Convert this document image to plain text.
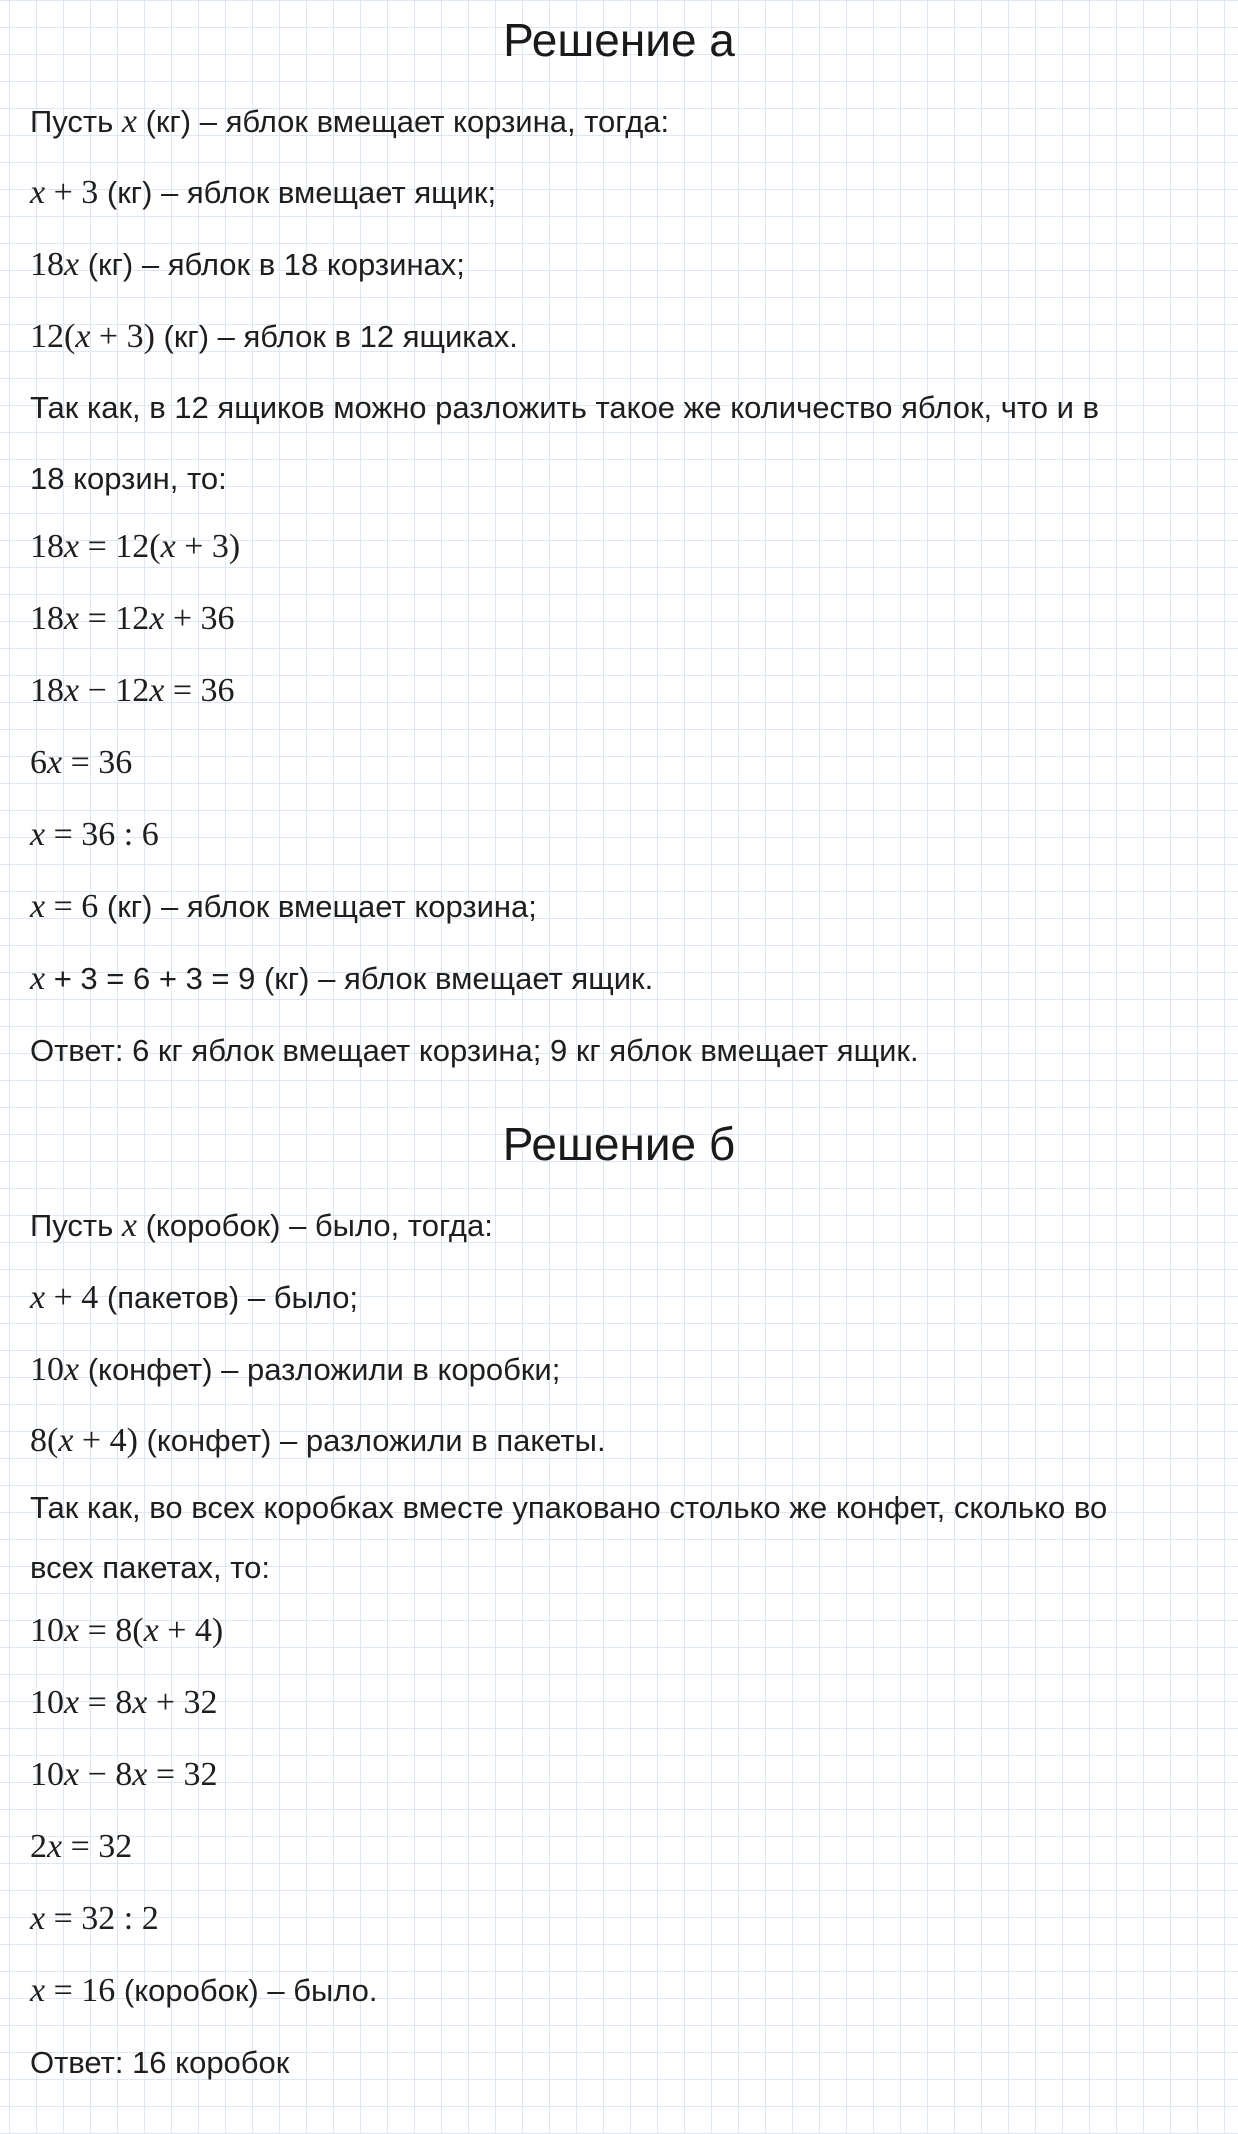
Решение а
Пусть x (кг) – яблок вмещает корзина, тогда:
x + 3 (кг) – яблок вмещает ящик;
18x (кг) – яблок в 18 корзинах;
12(x + 3) (кг) – яблок в 12 ящиках.
Так как, в 12 ящиков можно разложить такое же количество яблок, что и в
18 корзин, то:
18x = 12(x + 3)
18x = 12x + 36
18x − 12x = 36
6x = 36
x = 36 : 6
x = 6 (кг) – яблок вмещает корзина;
x + 3 = 6 + 3 = 9 (кг) – яблок вмещает ящик.
Ответ: 6 кг яблок вмещает корзина; 9 кг яблок вмещает ящик.
Решение б
Пусть x (коробок) – было, тогда:
x + 4 (пакетов) – было;
10x (конфет) – разложили в коробки;
8(x + 4) (конфет) – разложили в пакеты.
Так как, во всех коробках вместе упаковано столько же конфет, сколько во
всех пакетах, то:
10x = 8(x + 4)
10x = 8x + 32
10x − 8x = 32
2x = 32
x = 32 : 2
x = 16 (коробок) – было.
Ответ: 16 коробок
